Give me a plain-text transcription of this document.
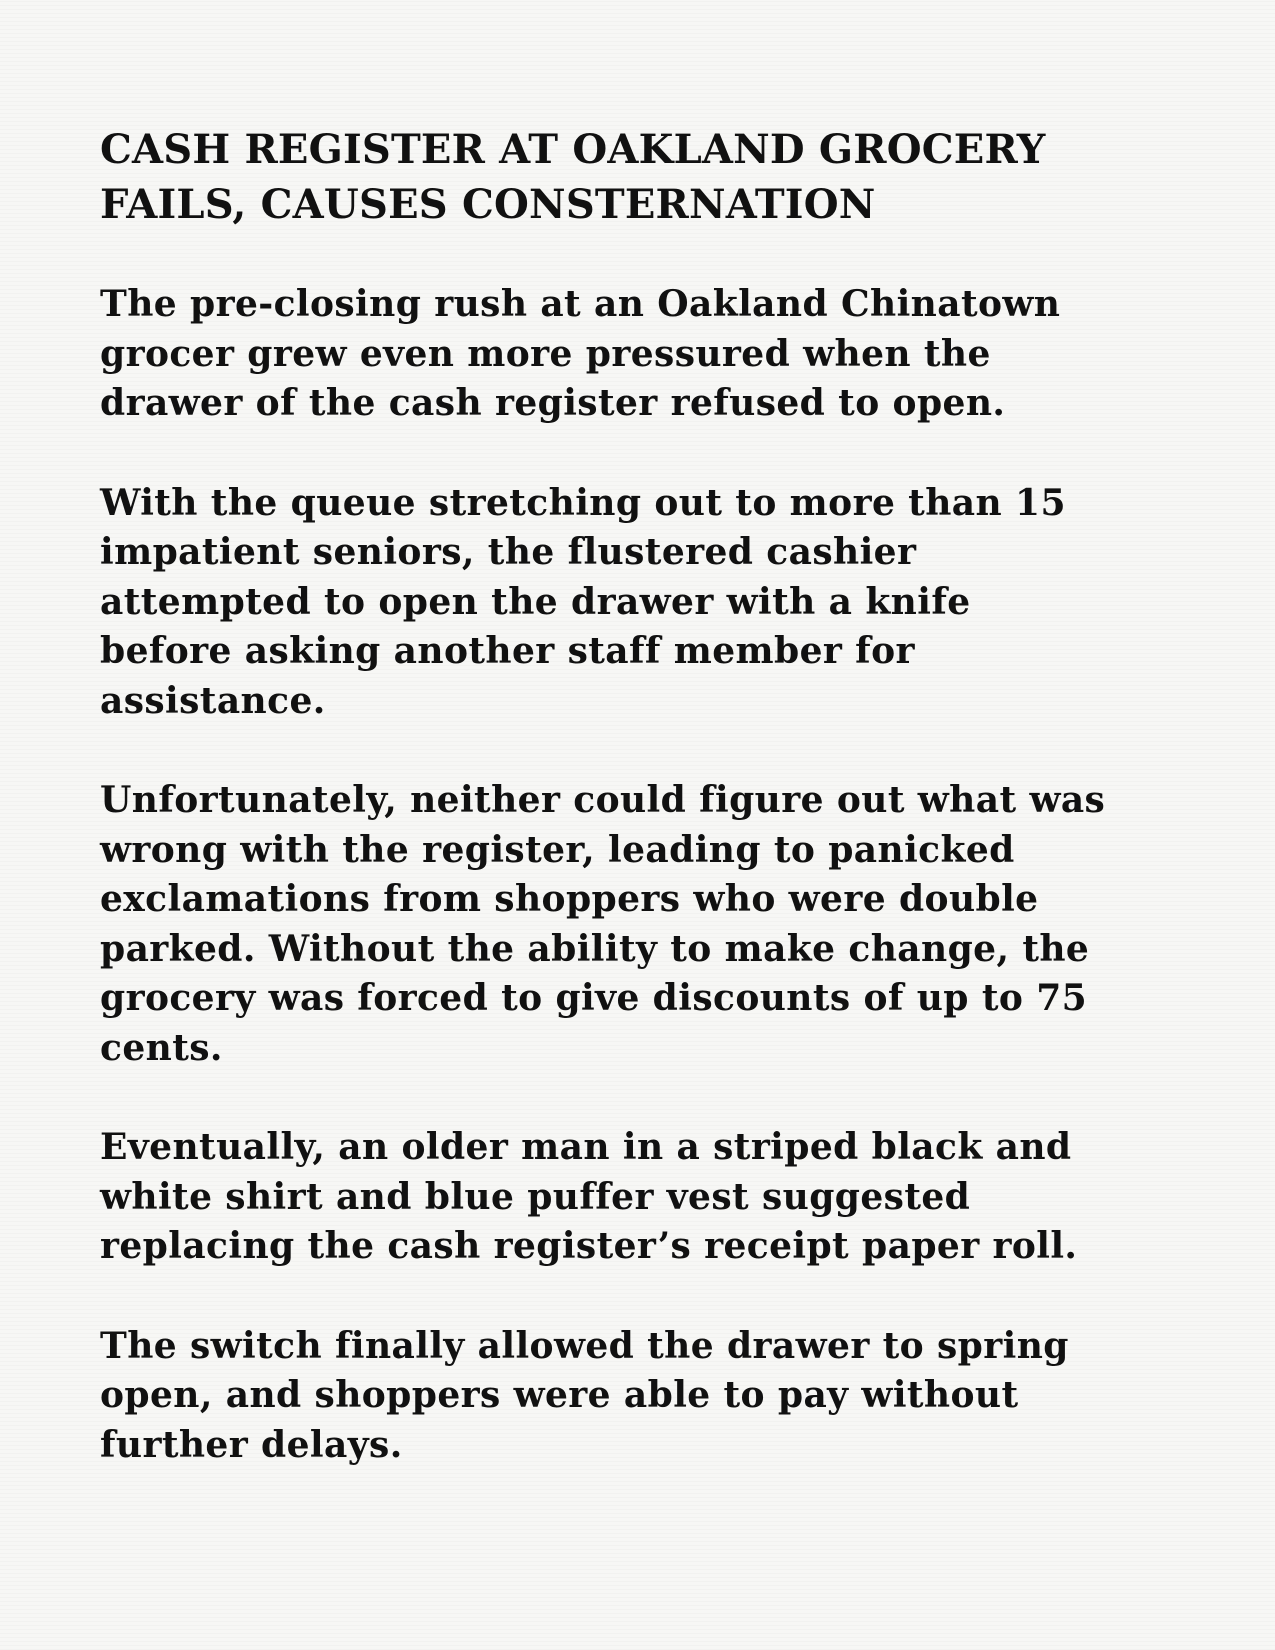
CASH REGISTER AT OAKLAND GROCERY
FAILS, CAUSES CONSTERNATION

The pre-closing rush at an Oakland Chinatown
grocer grew even more pressured when the
drawer of the cash register refused to open.

With the queue stretching out to more than 15
impatient seniors, the flustered cashier
attempted to open the drawer with a knife
before asking another staff member for
assistance.

Unfortunately, neither could figure out what was
wrong with the register, leading to panicked
exclamations from shoppers who were double
parked. Without the ability to make change, the
grocery was forced to give discounts of up to 75
cents.

Eventually, an older man in a striped black and
white shirt and blue puffer vest suggested
replacing the cash register’s receipt paper roll.

The switch finally allowed the drawer to spring
open, and shoppers were able to pay without
further delays.
